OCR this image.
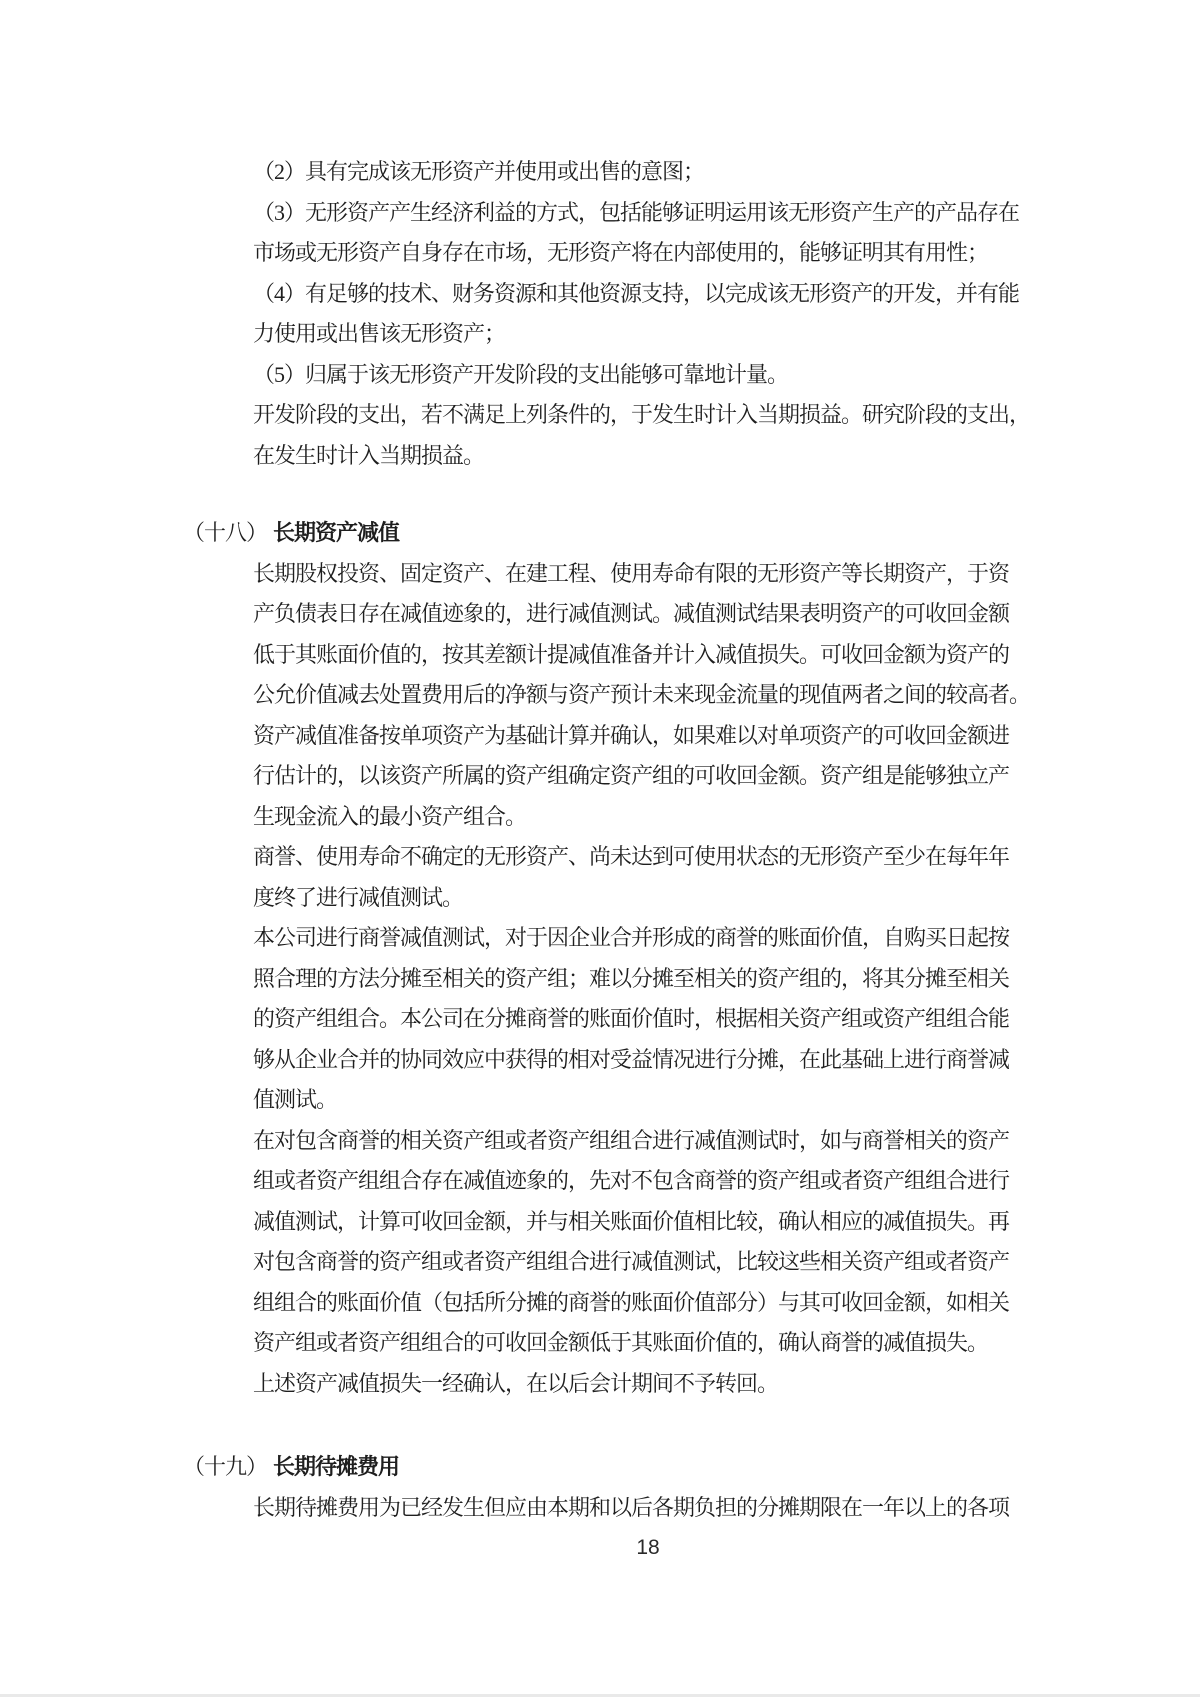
（2）具有完成该无形资产并使用或出售的意图；
（3）无形资产产生经济利益的方式，包括能够证明运用该无形资产生产的产品存在
市场或无形资产自身存在市场，无形资产将在内部使用的，能够证明其有用性；
（4）有足够的技术、财务资源和其他资源支持，以完成该无形资产的开发，并有能
力使用或出售该无形资产；
（5）归属于该无形资产开发阶段的支出能够可靠地计量。
开发阶段的支出，若不满足上列条件的，于发生时计入当期损益。研究阶段的支出，
在发生时计入当期损益。
（十八） 长期资产减值
长期股权投资、固定资产、在建工程、使用寿命有限的无形资产等长期资产，于资
产负债表日存在减值迹象的，进行减值测试。减值测试结果表明资产的可收回金额
低于其账面价值的，按其差额计提减值准备并计入减值损失。可收回金额为资产的
公允价值减去处置费用后的净额与资产预计未来现金流量的现值两者之间的较高者。
资产减值准备按单项资产为基础计算并确认，如果难以对单项资产的可收回金额进
行估计的，以该资产所属的资产组确定资产组的可收回金额。资产组是能够独立产
生现金流入的最小资产组合。
商誉、使用寿命不确定的无形资产、尚未达到可使用状态的无形资产至少在每年年
度终了进行减值测试。
本公司进行商誉减值测试，对于因企业合并形成的商誉的账面价值，自购买日起按
照合理的方法分摊至相关的资产组；难以分摊至相关的资产组的，将其分摊至相关
的资产组组合。本公司在分摊商誉的账面价值时，根据相关资产组或资产组组合能
够从企业合并的协同效应中获得的相对受益情况进行分摊，在此基础上进行商誉减
值测试。
在对包含商誉的相关资产组或者资产组组合进行减值测试时，如与商誉相关的资产
组或者资产组组合存在减值迹象的，先对不包含商誉的资产组或者资产组组合进行
减值测试，计算可收回金额，并与相关账面价值相比较，确认相应的减值损失。再
对包含商誉的资产组或者资产组组合进行减值测试，比较这些相关资产组或者资产
组组合的账面价值（包括所分摊的商誉的账面价值部分）与其可收回金额，如相关
资产组或者资产组组合的可收回金额低于其账面价值的，确认商誉的减值损失。
上述资产减值损失一经确认，在以后会计期间不予转回。
（十九） 长期待摊费用
长期待摊费用为已经发生但应由本期和以后各期负担的分摊期限在一年以上的各项
18
